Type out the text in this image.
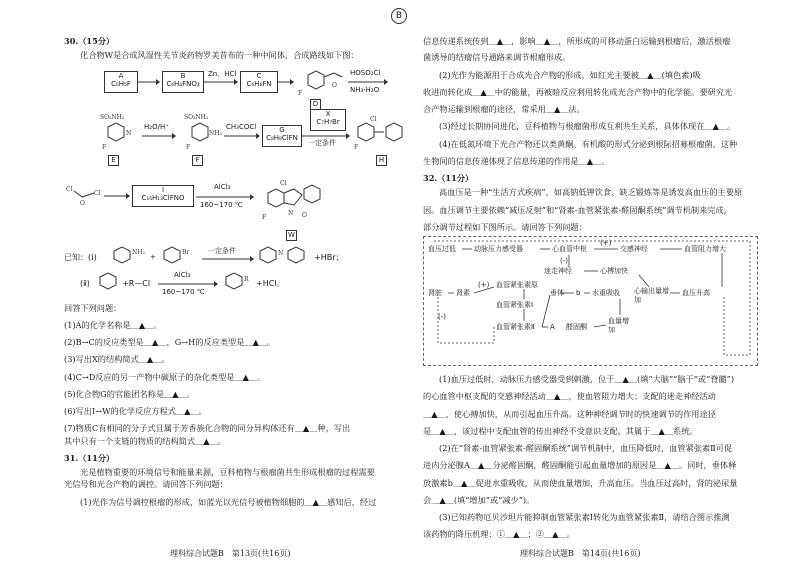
B
30.（15分）
化合物W是合成风湿性关节炎药物罗美昔布的一种中间体，合成路线如下图：
A
C₆H₅F →
B
C₆H₄FNO₂
Zn、HCl	C
C₆H₆FN →	O
F
D
HOSO₂Cl
NH₃·H₂O
SO₂NH₂
N
F
E
H₂O/H⁺
SO₂NH₂
NH₂
F
F
CH₃COCl	G
C₈H₈ClFN
X
C₇H₇Br
一定条件
Cl
F
H
Cl
Cl
O
I
C₁₆H₁₃ClFNO
AlCl₃
160~170 ℃
Cl
N O
F
W
已知：(ⅰ)
NH₂
+
Br	一定条件	N	+HBr；
(ⅱ)	+R—Cl
AlCl₃
160~170 ℃
R +HCl。
回答下列问题：
(1)A的化学名称是＿▲＿。
(2)B→C的反应类型是＿▲＿，G→H的反应类型是＿▲＿。
(3)写出X的结构简式＿▲＿。
(4)C→D反应的另一产物中碳原子的杂化类型是＿▲＿。
(5)化合物G的官能团名称是＿▲＿。
(6)写出I→W的化学反应方程式＿▲＿。
(7)物质C有相同的分子式且属于芳香族化合物的同分异构体还有＿▲＿种，写出
其中只有一个支链的物质的结构简式＿▲＿。
31.（11分）
光是植物重要的环境信号和能量来源，豆科植物与根瘤菌共生形成根瘤的过程需要
光信号和光合产物的调控。请回答下列问题：
(1)光作为信号调控根瘤的形成，如蓝光以光信号被植物细胞的＿▲＿感知后，经过
信息传递系统传到＿▲＿，影响＿▲＿，所形成的可移动蛋白运输到根瘤后，激活根瘤
菌诱导的结瘤信号通路来调节根瘤形成。
(2)光作为能源用于合成光合产物的形成，如红光主要被＿▲＿(填色素)吸
收进而转化成＿▲＿中的能量，再被暗反应利用转化成光合产物中的化学能。要研究光
合产物运输到根瘤的途径，常采用＿▲＿法。
(3)经过长期协同进化，豆科植物与根瘤菌形成互利共生关系，具体体现在＿▲＿。
(4)在低氮环境下光合产物还以类黄酮、有机酸的形式分泌到根际招募根瘤菌，这种
生物间的信息传递体现了信息传递的作用是＿▲＿。
32.（11分）
高血压是一种“生活方式疾病”，如高钠低钾饮食、缺乏锻炼等是诱发高血压的主要原
因。血压调节主要依赖“减压反射”和“肾素-血管紧张素-醛固酮系统”调节机制来完成，
部分调节过程如下图所示。请回答下列问题：
血压过低	动脉压力感受器	心血管中枢
(+)
交感神经	血管阻力增大
(-)
迷走神经	心搏加快
肾脏 肾素
(+) 血管紧张素原
血管紧张素Ⅰ
(-)
血管紧张素Ⅱ
垂体 b 水重吸收 心输出量增加
血压升高
A 醛固酮
血量增加
(1)血压过低时，动脉压力感受器受到刺激，位于＿▲＿(填“大脑”“脑干”或“脊髓”)
的心血管中枢支配的交感神经活动＿▲＿，使血管阻力增大；支配的迷走神经活动
＿▲＿，使心搏加快，从而引起血压升高。这种神经调节时的快速调节的作用途径
是＿▲＿，该过程中支配血管的传出神经不受意识支配，其属于＿▲＿系统。
(2)在“肾素-血管紧张素-醛固酮系统”调节机制中，血压降低时，血管紧张素Ⅱ可促
进内分泌腺A＿▲＿分泌醛固酮，醛固酮能引起血量增加的原因是＿▲＿。同时，垂体释
放激素b＿▲＿促进水重吸收，从而使血量增加，升高血压。当血压过高时，肾的泌尿量
会＿▲＿(填“增加”或“减少”)。
(3)已知药物厄贝沙坦片能抑制血管紧张素Ⅰ转化为血管紧张素Ⅱ，请结合图示推测
该药物的降压机理：①＿▲＿；②＿▲＿。
理科综合试题B　第13页(共16页)	理科综合试题B　第14页(共16页)
